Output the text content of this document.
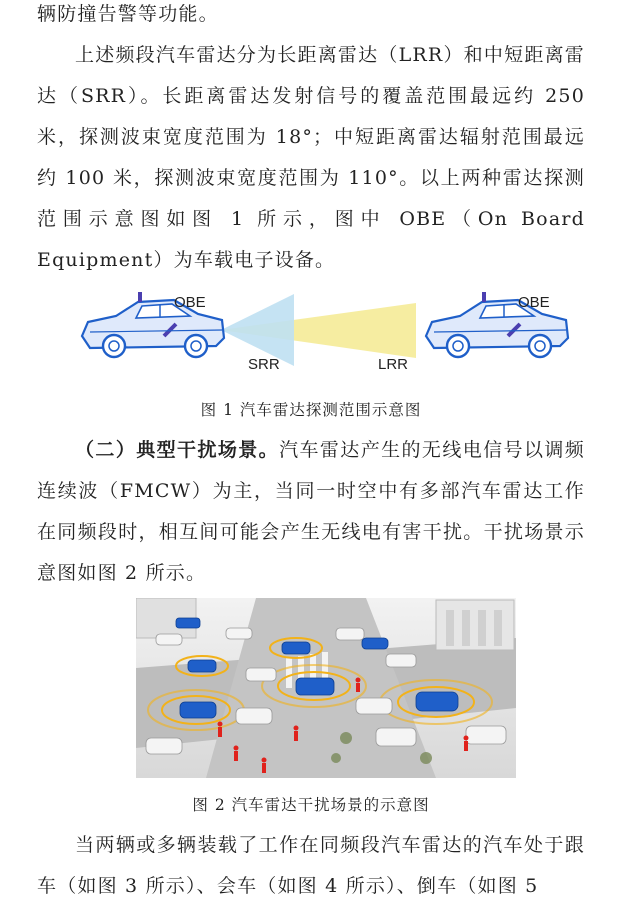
辆防撞告警等功能。

上述频段汽车雷达分为长距离雷达（LRR）和中短距离雷达（SRR）。长距离雷达发射信号的覆盖范围最远约 250 米，探测波束宽度范围为 18°；中短距离雷达辐射范围最远约 100 米，探测波束宽度范围为 110°。以上两种雷达探测范围示意图如图 1 所示，图中 OBE（On Board Equipment）为车载电子设备。

OBE	OBE
SRR	LRR
图 1 汽车雷达探测范围示意图

（二）典型干扰场景。汽车雷达产生的无线电信号以调频连续波（FMCW）为主，当同一时空中有多部汽车雷达工作在同频段时，相互间可能会产生无线电有害干扰。干扰场景示意图如图 2 所示。

图 2 汽车雷达干扰场景的示意图

当两辆或多辆装载了工作在同频段汽车雷达的汽车处于跟车（如图 3 所示）、会车（如图 4 所示）、倒车（如图 5
